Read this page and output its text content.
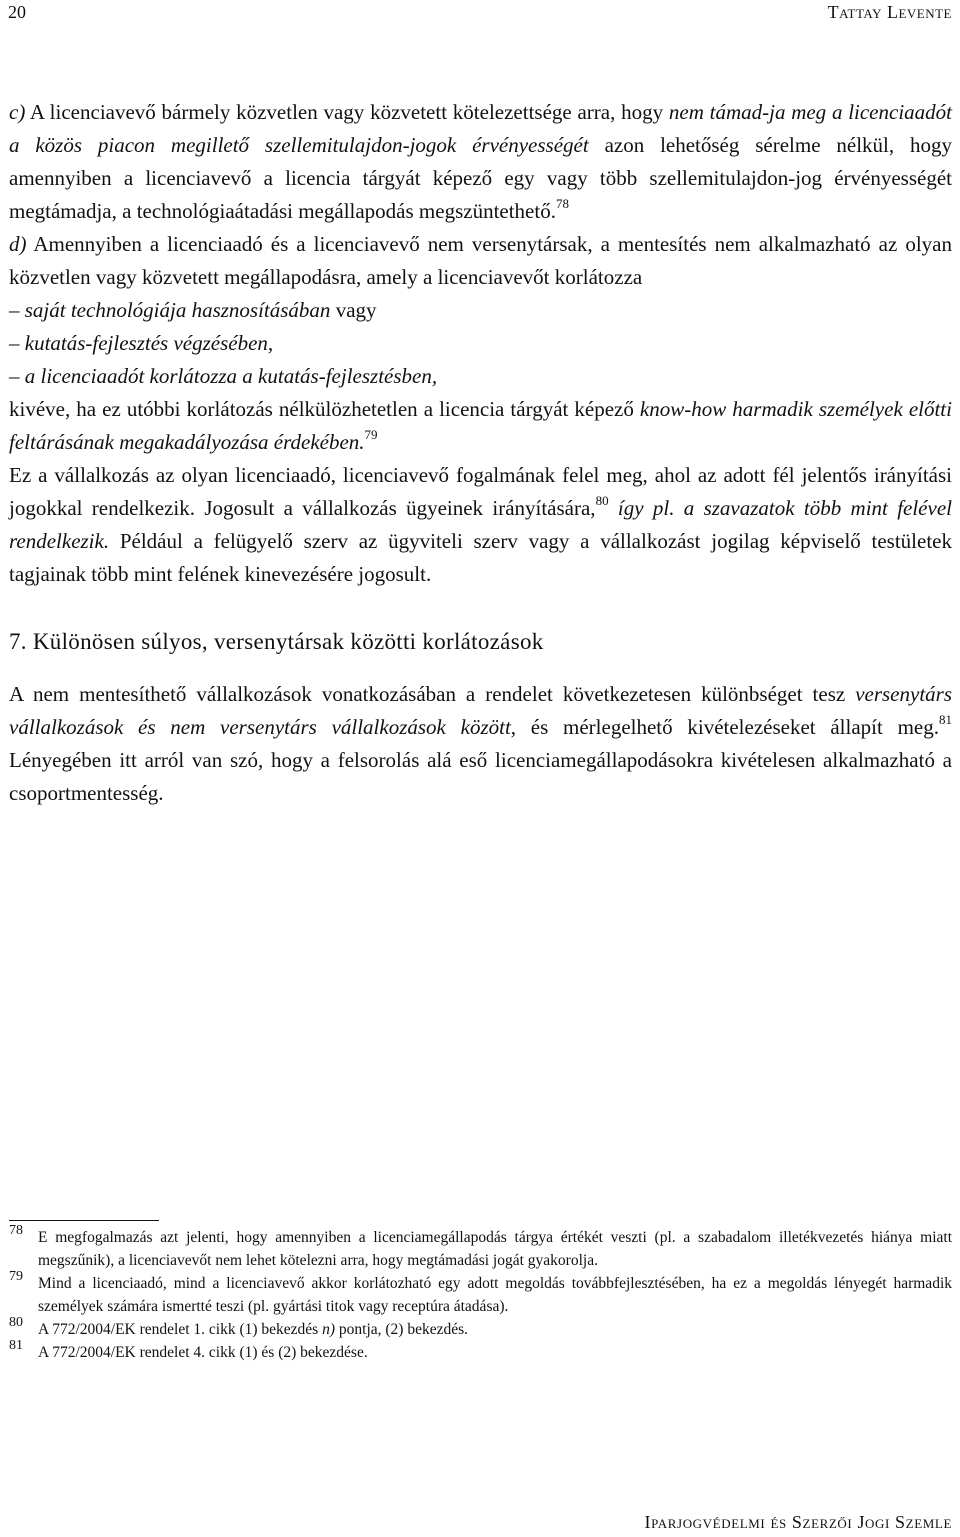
20	Tattay Levente

c) A licenciavevő bármely közvetlen vagy közvetett kötelezettsége arra, hogy nem támad-ja meg a licenciaadót a közös piacon megillető szellemitulajdon-jogok érvényességét azon lehetőség sérelme nélkül, hogy amennyiben a licenciavevő a licencia tárgyát képező egy vagy több szellemitulajdon-jog érvényességét megtámadja, a technológiaátadási megállapodás megszüntethető.$^{78}$

d) Amennyiben a licenciaadó és a licenciavevő nem versenytársak, a mentesítés nem alkalmazható az olyan közvetlen vagy közvetett megállapodásra, amely a licenciavevőt korlátozza

– saját technológiája hasznosításában vagy
– kutatás-fejlesztés végzésében,
– a licenciaadót korlátozza a kutatás-fejlesztésben,

kivéve, ha ez utóbbi korlátozás nélkülözhetetlen a licencia tárgyát képező know-how harmadik személyek előtti feltárásának megakadályozása érdekében.$^{79}$

Ez a vállalkozás az olyan licenciaadó, licenciavevő fogalmának felel meg, ahol az adott fél jelentős irányítási jogokkal rendelkezik. Jogosult a vállalkozás ügyeinek irányítására,$^{80}$ így pl. a szavazatok több mint felével rendelkezik. Például a felügyelő szerv az ügyviteli szerv vagy a vállalkozást jogilag képviselő testületek tagjainak több mint felének kinevezésére jogosult.

7. Különösen súlyos, versenytársak közötti korlátozások

A nem mentesíthető vállalkozások vonatkozásában a rendelet következetesen különbséget tesz versenytárs vállalkozások és nem versenytárs vállalkozások között, és mérlegelhető kivételezéseket állapít meg.$^{81}$ Lényegében itt arról van szó, hogy a felsorolás alá eső licenciamegállapodásokra kivételesen alkalmazható a csoportmentesség.

78 E megfogalmazás azt jelenti, hogy amennyiben a licenciamegállapodás tárgya értékét veszti (pl. a szabadalom illetékvezetés hiánya miatt megszűnik), a licenciavevőt nem lehet kötelezni arra, hogy megtámadási jogát gyakorolja.
79 Mind a licenciaadó, mind a licenciavevő akkor korlátozható egy adott megoldás továbbfejlesztésében, ha ez a megoldás lényegét harmadik személyek számára ismertté teszi (pl. gyártási titok vagy receptúra átadása).
80 A 772/2004/EK rendelet 1. cikk (1) bekezdés n) pontja, (2) bekezdés.
81 A 772/2004/EK rendelet 4. cikk (1) és (2) bekezdése.
Iparjogvédelmi és Szerzői Jogi Szemle
